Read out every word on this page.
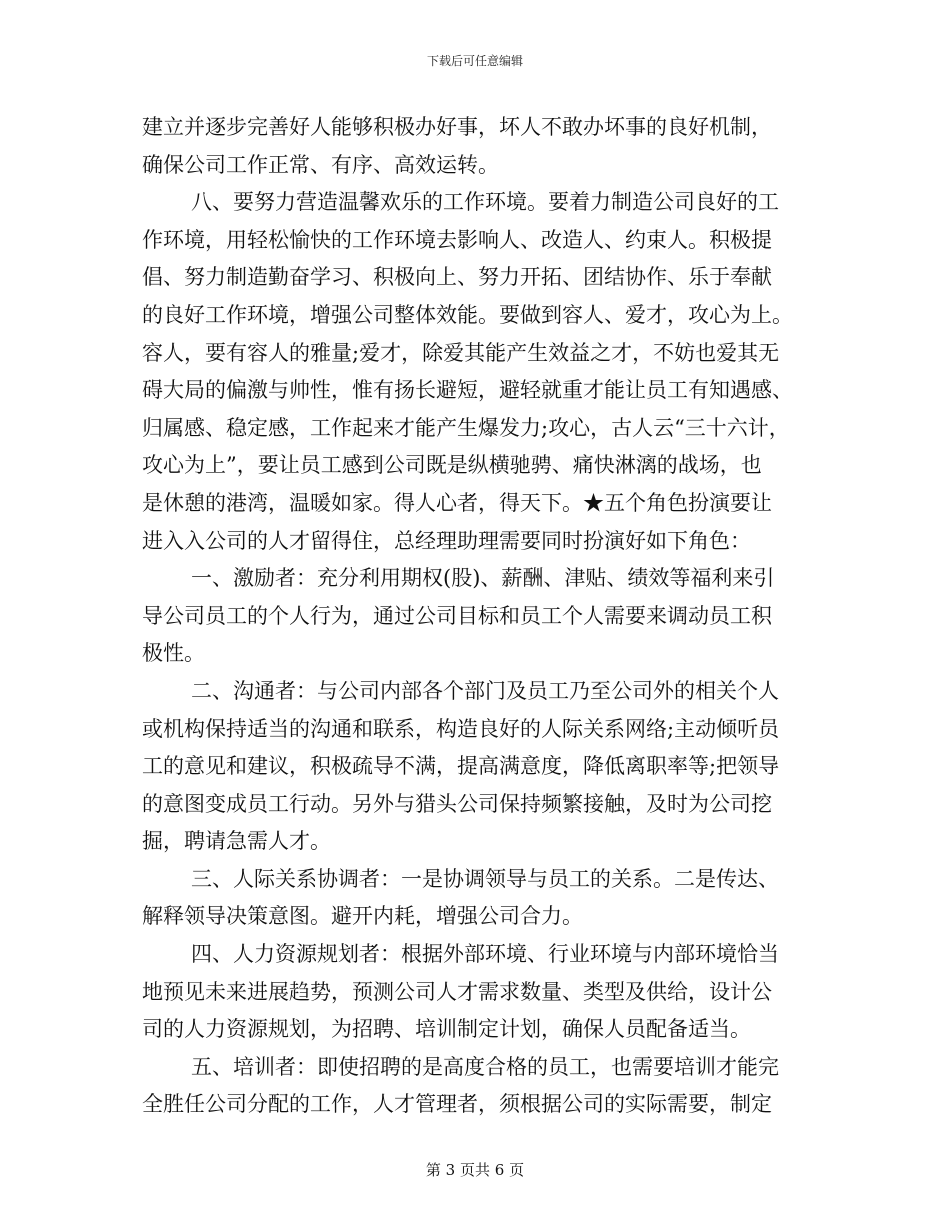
下载后可任意编辑
建立并逐步完善好人能够积极办好事，坏人不敢办坏事的良好机制，
确保公司工作正常、有序、高效运转。
八、要努力营造温馨欢乐的工作环境。要着力制造公司良好的工
作环境，用轻松愉快的工作环境去影响人、改造人、约束人。积极提
倡、努力制造勤奋学习、积极向上、努力开拓、团结协作、乐于奉献
的良好工作环境，增强公司整体效能。要做到容人、爱才，攻心为上。
容人，要有容人的雅量;爱才，除爱其能产生效益之才，不妨也爱其无
碍大局的偏激与帅性，惟有扬长避短，避轻就重才能让员工有知遇感、
归属感、稳定感，工作起来才能产生爆发力;攻心，古人云“三十六计，
攻心为上”，要让员工感到公司既是纵横驰骋、痛快淋漓的战场，也
是休憩的港湾，温暖如家。得人心者，得天下。★五个角色扮演要让
进入入公司的人才留得住，总经理助理需要同时扮演好如下角色：
一、激励者：充分利用期权(股)、薪酬、津贴、绩效等福利来引
导公司员工的个人行为，通过公司目标和员工个人需要来调动员工积
极性。
二、沟通者：与公司内部各个部门及员工乃至公司外的相关个人
或机构保持适当的沟通和联系，构造良好的人际关系网络;主动倾听员
工的意见和建议，积极疏导不满，提高满意度，降低离职率等;把领导
的意图变成员工行动。另外与猎头公司保持频繁接触，及时为公司挖
掘，聘请急需人才。
三、人际关系协调者：一是协调领导与员工的关系。二是传达、
解释领导决策意图。避开内耗，增强公司合力。
四、人力资源规划者：根据外部环境、行业环境与内部环境恰当
地预见未来进展趋势，预测公司人才需求数量、类型及供给，设计公
司的人力资源规划，为招聘、培训制定计划，确保人员配备适当。
五、培训者：即使招聘的是高度合格的员工，也需要培训才能完
全胜任公司分配的工作，人才管理者，须根据公司的实际需要，制定
第 3 页共 6 页
